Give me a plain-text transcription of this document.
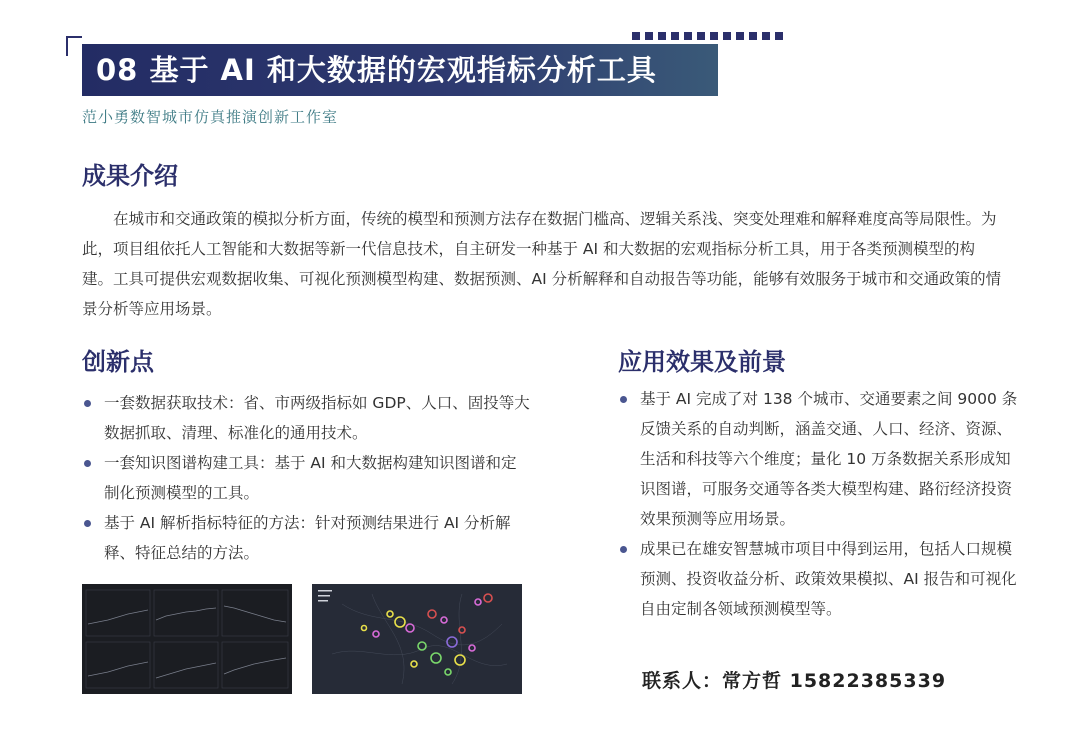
08 基于 AI 和大数据的宏观指标分析工具
范小勇数智城市仿真推演创新工作室
成果介绍

在城市和交通政策的模拟分析方面，传统的模型和预测方法存在数据门槛高、逻辑关系浅、突变处理难和解释难度高等局限性。为此，项目组依托人工智能和大数据等新一代信息技术，自主研发一种基于 AI 和大数据的宏观指标分析工具，用于各类预测模型的构建。工具可提供宏观数据收集、可视化预测模型构建、数据预测、AI 分析解释和自动报告等功能，能够有效服务于城市和交通政策的情景分析等应用场景。

创新点
一套数据获取技术：省、市两级指标如 GDP、人口、固投等大数据抓取、清理、标准化的通用技术。
一套知识图谱构建工具：基于 AI 和大数据构建知识图谱和定制化预测模型的工具。
基于 AI 解析指标特征的方法：针对预测结果进行 AI 分析解释、特征总结的方法。
应用效果及前景
基于 AI 完成了对 138 个城市、交通要素之间 9000 条反馈关系的自动判断，涵盖交通、人口、经济、资源、生活和科技等六个维度；量化 10 万条数据关系形成知识图谱，可服务交通等各类大模型构建、路衍经济投资效果预测等应用场景。
成果已在雄安智慧城市项目中得到运用，包括人口规模预测、投资收益分析、政策效果模拟、AI 报告和可视化自由定制各领域预测模型等。
联系人：常方哲 15822385339
